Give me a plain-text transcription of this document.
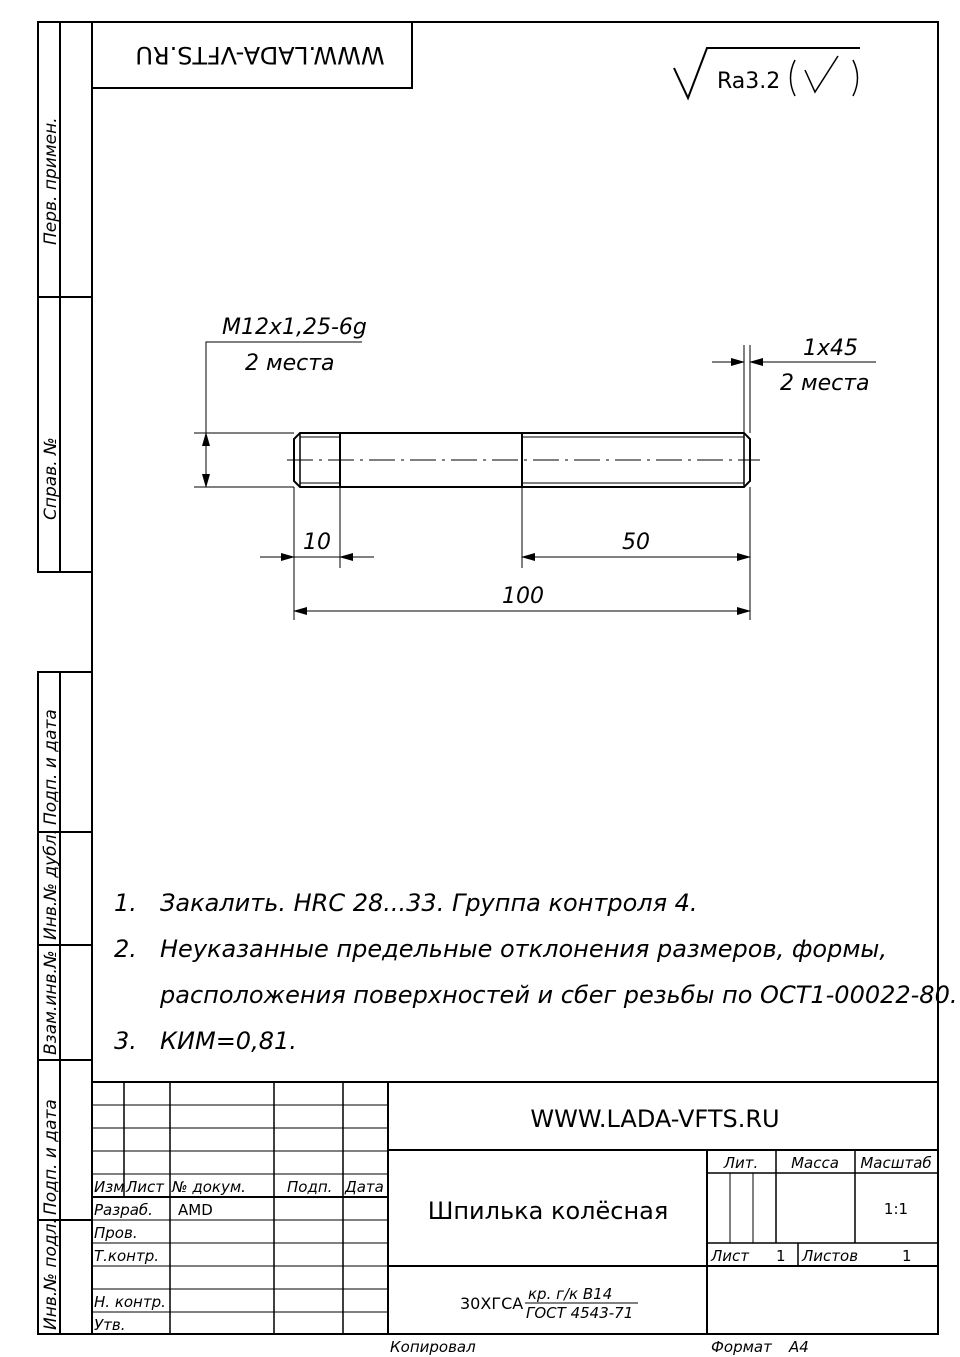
Перв. примен.
Справ. №
Подп. и дата
Инв.№ дубл.
Взам.инв.№
Подп. и дата
Инв.№ подл.
WWW.LADA-VFTS.RU
Ra3.2
M12x1,25-6g
2 места
1x45
2 места
10	50
100
1. Закалить. HRC 28...33. Группа контроля 4.
2. Неуказанные предельные отклонения размеров, формы,
расположения поверхностей и сбег резьбы по ОСТ1-00022-80.
3. КИМ=0,81.
WWW.LADA-VFTS.RU
Шпилька колёсная
Изм Лист № докум.	Подп. Дата
Разраб. AMD
Пров.
Т.контр.
Н. контр.
Утв.
Лит. Масса Масштаб
1:1
Лист 1 Листов	1
30ХГСА кр. г/к В14
ГОСТ 4543-71
Копировал	Формат А4
